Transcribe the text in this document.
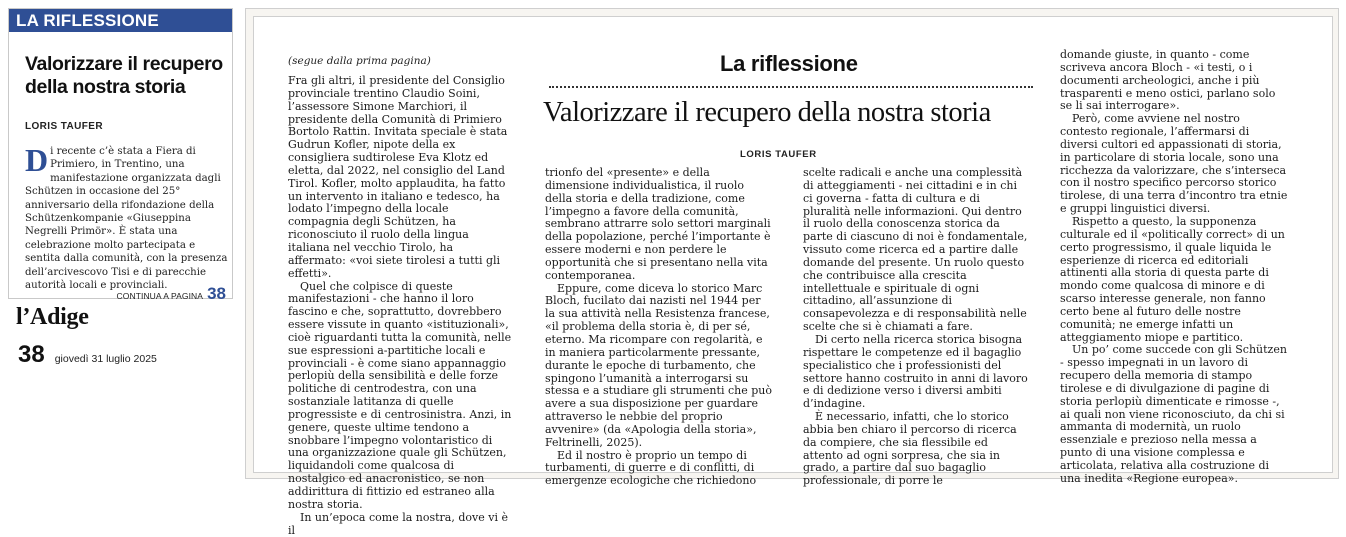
LA RIFLESSIONE
Valorizzare il recupero
della nostra storia
LORIS TAUFER
Di recente c’è stata a Fiera di Primiero, in Trentino, una manifestazione organizzata dagli Schützen in occasione del 25° anniversario della rifondazione della Schützenkompanie «Giuseppina Negrelli Primör». È stata una celebrazione molto partecipata e sentita dalla comunità, con la presenza dell’arcivescovo Tisi e di parecchie autorità locali e provinciali.
CONTINUA A PAGINA 38
l’Adige
38 giovedì 31 luglio 2025
(segue dalla prima pagina)	La riflessione
Valorizzare il recupero della nostra storia
LORIS TAUFER

Fra gli altri, il presidente del Consiglio provinciale trentino Claudio Soini, l’assessore Simone Marchiori, il presidente della Comunità di Primiero Bortolo Rattin. Invitata speciale è stata Gudrun Kofler, nipote della ex consigliera sudtirolese Eva Klotz ed eletta, dal 2022, nel consiglio del Land Tirol. Kofler, molto applaudita, ha fatto un intervento in italiano e tedesco, ha lodato l’impegno della locale compagnia degli Schützen, ha riconosciuto il ruolo della lingua italiana nel vecchio Tirolo, ha affermato: «voi siete tirolesi a tutti gli effetti».

Quel che colpisce di queste manifestazioni - che hanno il loro fascino e che, soprattutto, dovrebbero essere vissute in quanto «istituzionali», cioè riguardanti tutta la comunità, nelle sue espressioni a-partitiche locali e provinciali - è come siano appannaggio perlopiù della sensibilità e delle forze politiche di centrodestra, con una sostanziale latitanza di quelle progressiste e di centrosinistra. Anzi, in genere, queste ultime tendono a snobbare l’impegno volontaristico di una organizzazione quale gli Schützen, liquidandoli come qualcosa di nostalgico ed anacronistico, se non addirittura di fittizio ed estraneo alla nostra storia.

In un’epoca come la nostra, dove vi è il

trionfo del «presente» e della dimensione individualistica, il ruolo della storia e della tradizione, come l’impegno a favore della comunità, sembrano attrarre solo settori marginali della popolazione, perché l’importante è essere moderni e non perdere le opportunità che si presentano nella vita contemporanea.

Eppure, come diceva lo storico Marc Bloch, fucilato dai nazisti nel 1944 per la sua attività nella Resistenza francese, «il problema della storia è, di per sé, eterno. Ma ricompare con regolarità, e in maniera particolarmente pressante, durante le epoche di turbamento, che spingono l’umanità a interrogarsi su stessa e a studiare gli strumenti che può avere a sua disposizione per guardare attraverso le nebbie del proprio avvenire» (da «Apologia della storia», Feltrinelli, 2025).

Ed il nostro è proprio un tempo di turbamenti, di guerre e di conflitti, di emergenze ecologiche che richiedono

scelte radicali e anche una complessità di atteggiamenti - nei cittadini e in chi ci governa - fatta di cultura e di pluralità nelle informazioni. Qui dentro il ruolo della conoscenza storica da parte di ciascuno di noi è fondamentale, vissuto come ricerca ed a partire dalle domande del presente. Un ruolo questo che contribuisce alla crescita intellettuale e spirituale di ogni cittadino, all’assunzione di consapevolezza e di responsabilità nelle scelte che si è chiamati a fare.

Di certo nella ricerca storica bisogna rispettare le competenze ed il bagaglio specialistico che i professionisti del settore hanno costruito in anni di lavoro e di dedizione verso i diversi ambiti d’indagine.

È necessario, infatti, che lo storico abbia ben chiaro il percorso di ricerca da compiere, che sia flessibile ed attento ad ogni sorpresa, che sia in grado, a partire dal suo bagaglio professionale, di porre le

domande giuste, in quanto - come scriveva ancora Bloch - «i testi, o i documenti archeologici, anche i più trasparenti e meno ostici, parlano solo se li sai interrogare».

Però, come avviene nel nostro contesto regionale, l’affermarsi di diversi cultori ed appassionati di storia, in particolare di storia locale, sono una ricchezza da valorizzare, che s’interseca con il nostro specifico percorso storico tirolese, di una terra d’incontro tra etnie e gruppi linguistici diversi.

Rispetto a questo, la supponenza culturale ed il «politically correct» di un certo progressismo, il quale liquida le esperienze di ricerca ed editoriali attinenti alla storia di questa parte di mondo come qualcosa di minore e di scarso interesse generale, non fanno certo bene al futuro delle nostre comunità; ne emerge infatti un atteggiamento miope e partitico.

Un po’ come succede con gli Schützen - spesso impegnati in un lavoro di recupero della memoria di stampo tirolese e di divulgazione di pagine di storia perlopiù dimenticate e rimosse -, ai quali non viene riconosciuto, da chi si ammanta di modernità, un ruolo essenziale e prezioso nella messa a punto di una visione complessa e articolata, relativa alla costruzione di una inedita «Regione europea».
